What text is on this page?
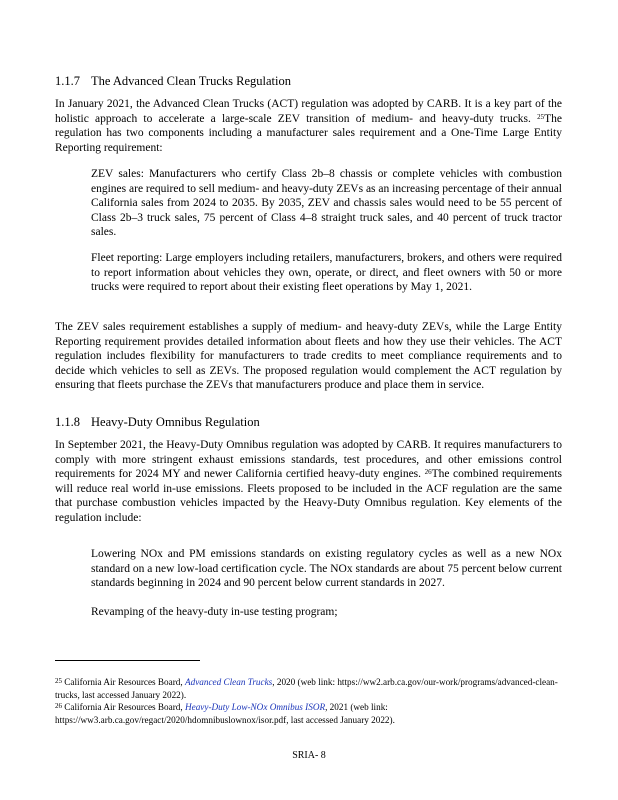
1.1.7 The Advanced Clean Trucks Regulation
In January 2021, the Advanced Clean Trucks (ACT) regulation was adopted by CARB. It is a key part of the holistic approach to accelerate a large-scale ZEV transition of medium- and heavy-duty trucks. $^{25}$The regulation has two components including a manufacturer sales requirement and a One-Time Large Entity Reporting requirement:
ZEV sales: Manufacturers who certify Class 2b–8 chassis or complete vehicles with combustion engines are required to sell medium- and heavy-duty ZEVs as an increasing percentage of their annual California sales from 2024 to 2035. By 2035, ZEV and chassis sales would need to be 55 percent of Class 2b–3 truck sales, 75 percent of Class 4–8 straight truck sales, and 40 percent of truck tractor sales.
Fleet reporting: Large employers including retailers, manufacturers, brokers, and others were required to report information about vehicles they own, operate, or direct, and fleet owners with 50 or more trucks were required to report about their existing fleet operations by May 1, 2021.
The ZEV sales requirement establishes a supply of medium- and heavy-duty ZEVs, while the Large Entity Reporting requirement provides detailed information about fleets and how they use their vehicles. The ACT regulation includes flexibility for manufacturers to trade credits to meet compliance requirements and to decide which vehicles to sell as ZEVs. The proposed regulation would complement the ACT regulation by ensuring that fleets purchase the ZEVs that manufacturers produce and place them in service.
1.1.8 Heavy-Duty Omnibus Regulation
In September 2021, the Heavy-Duty Omnibus regulation was adopted by CARB. It requires manufacturers to comply with more stringent exhaust emissions standards, test procedures, and other emissions control requirements for 2024 MY and newer California certified heavy-duty engines. $^{26}$The combined requirements will reduce real world in-use emissions. Fleets proposed to be included in the ACF regulation are the same that purchase combustion vehicles impacted by the Heavy-Duty Omnibus regulation. Key elements of the regulation include:
Lowering NOx and PM emissions standards on existing regulatory cycles as well as a new NOx standard on a new low-load certification cycle. The NOx standards are about 75 percent below current standards beginning in 2024 and 90 percent below current standards in 2027.
Revamping of the heavy-duty in-use testing program;
$^{25}$ California Air Resources Board, Advanced Clean Trucks, 2020 (web link: https://ww2.arb.ca.gov/our-work/programs/advanced-clean-trucks, last accessed January 2022).
$^{26}$ California Air Resources Board, Heavy-Duty Low-NOx Omnibus ISOR, 2021 (web link: https://ww3.arb.ca.gov/regact/2020/hdomnibuslownox/isor.pdf, last accessed January 2022).
SRIA- 8
